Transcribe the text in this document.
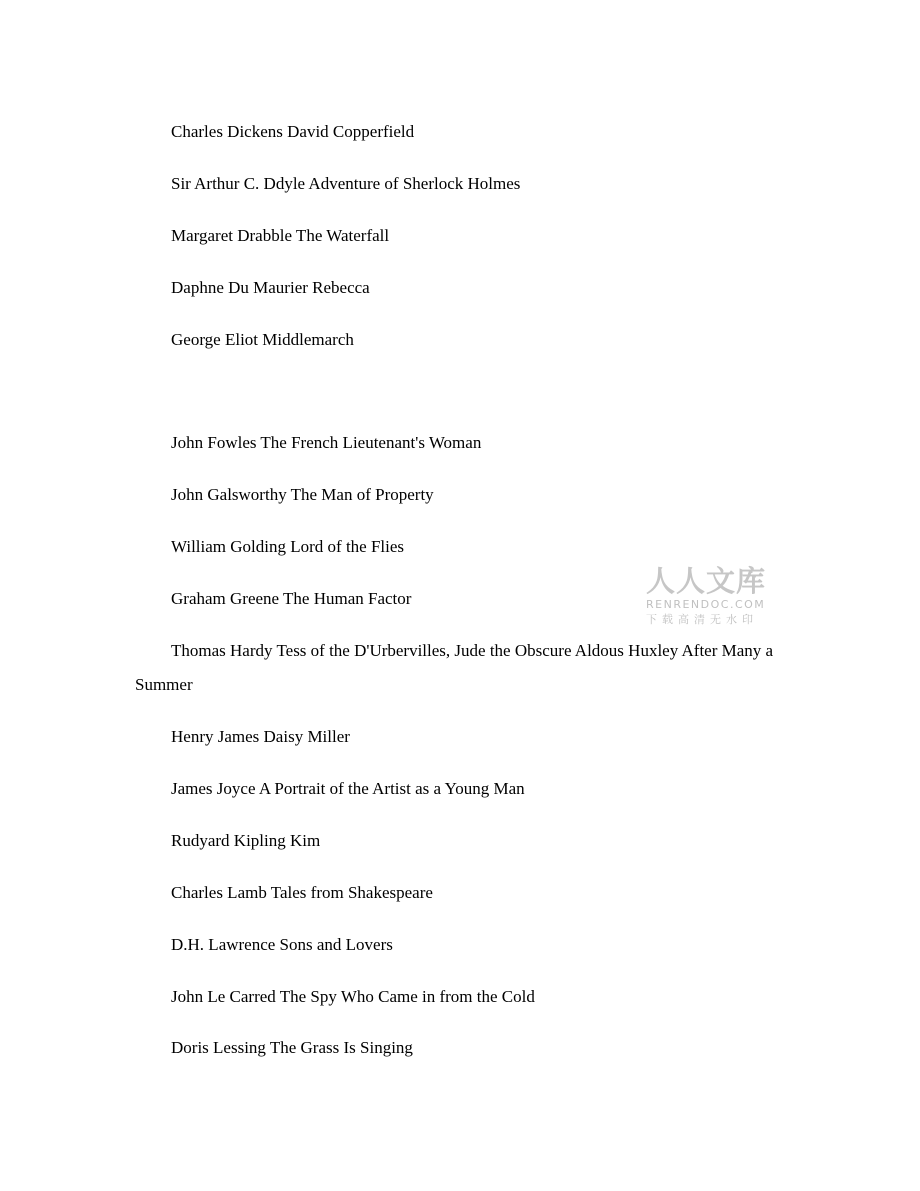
Charles Dickens David Copperfield
Sir Arthur C. Ddyle Adventure of Sherlock Holmes
Margaret Drabble The Waterfall
Daphne Du Maurier Rebecca
George Eliot Middlemarch
John Fowles The French Lieutenant's Woman
John Galsworthy The Man of Property
William Golding Lord of the Flies
Graham Greene The Human Factor
Thomas Hardy Tess of the D'Urbervilles, Jude the Obscure Aldous Huxley After Many a Summer
Henry James Daisy Miller
James Joyce A Portrait of the Artist as a Young Man
Rudyard Kipling Kim
Charles Lamb Tales from Shakespeare
D.H. Lawrence Sons and Lovers
John Le Carred The Spy Who Came in from the Cold
Doris Lessing The Grass Is Singing
人人文库
RENRENDOC.COM
下载高清无水印
